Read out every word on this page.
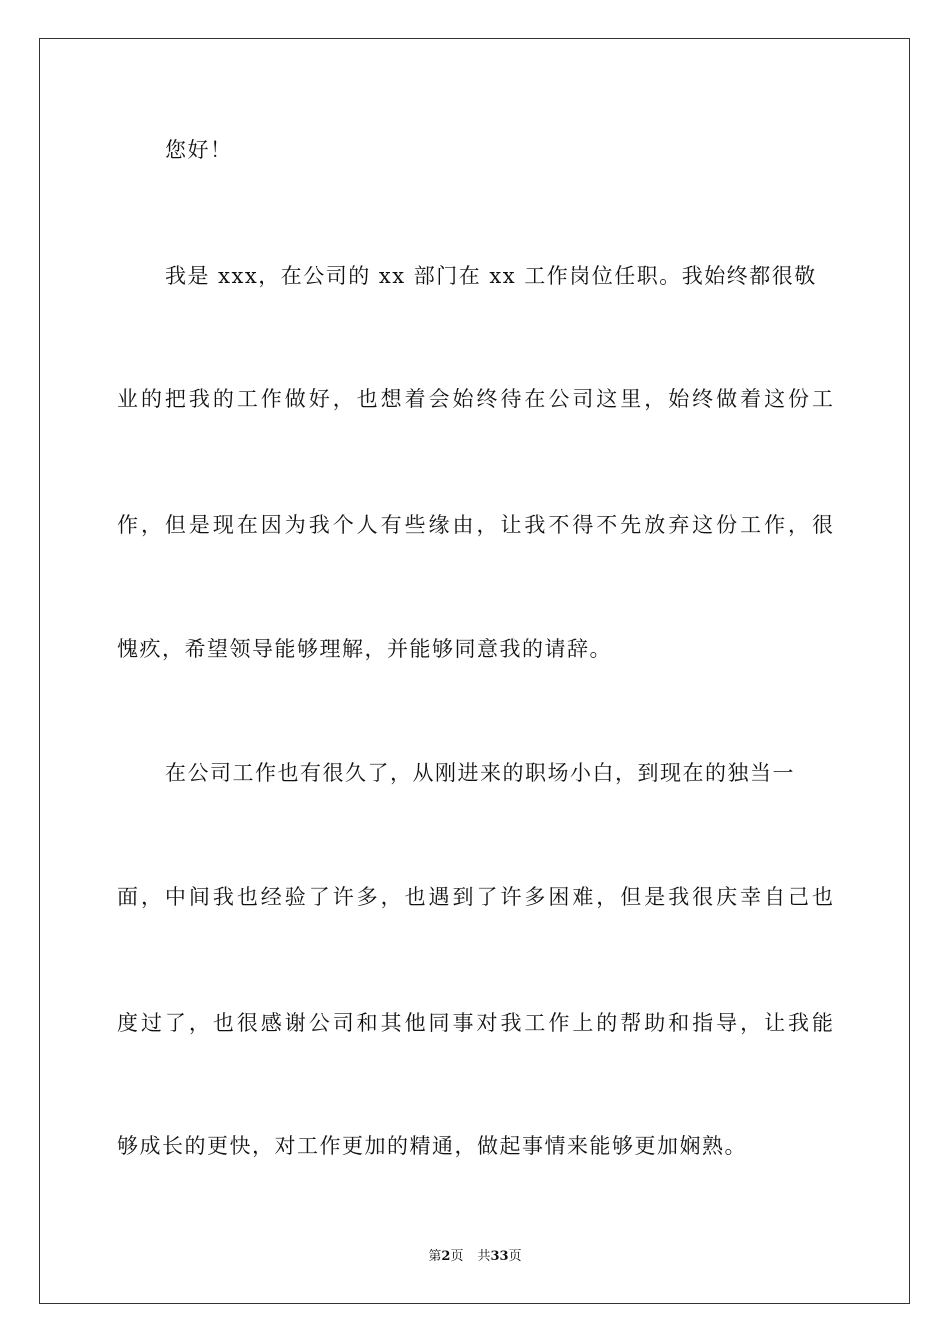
您好！
我是 xxx，在公司的 xx 部门在 xx 工作岗位任职。我始终都很敬
业的把我的工作做好，也想着会始终待在公司这里，始终做着这份工
作，但是现在因为我个人有些缘由，让我不得不先放弃这份工作，很
愧疚，希望领导能够理解，并能够同意我的请辞。
在公司工作也有很久了，从刚进来的职场小白，到现在的独当一
面，中间我也经验了许多，也遇到了许多困难，但是我很庆幸自己也
度过了，也很感谢公司和其他同事对我工作上的帮助和指导，让我能
够成长的更快，对工作更加的精通，做起事情来能够更加娴熟。
第2页 共33页
